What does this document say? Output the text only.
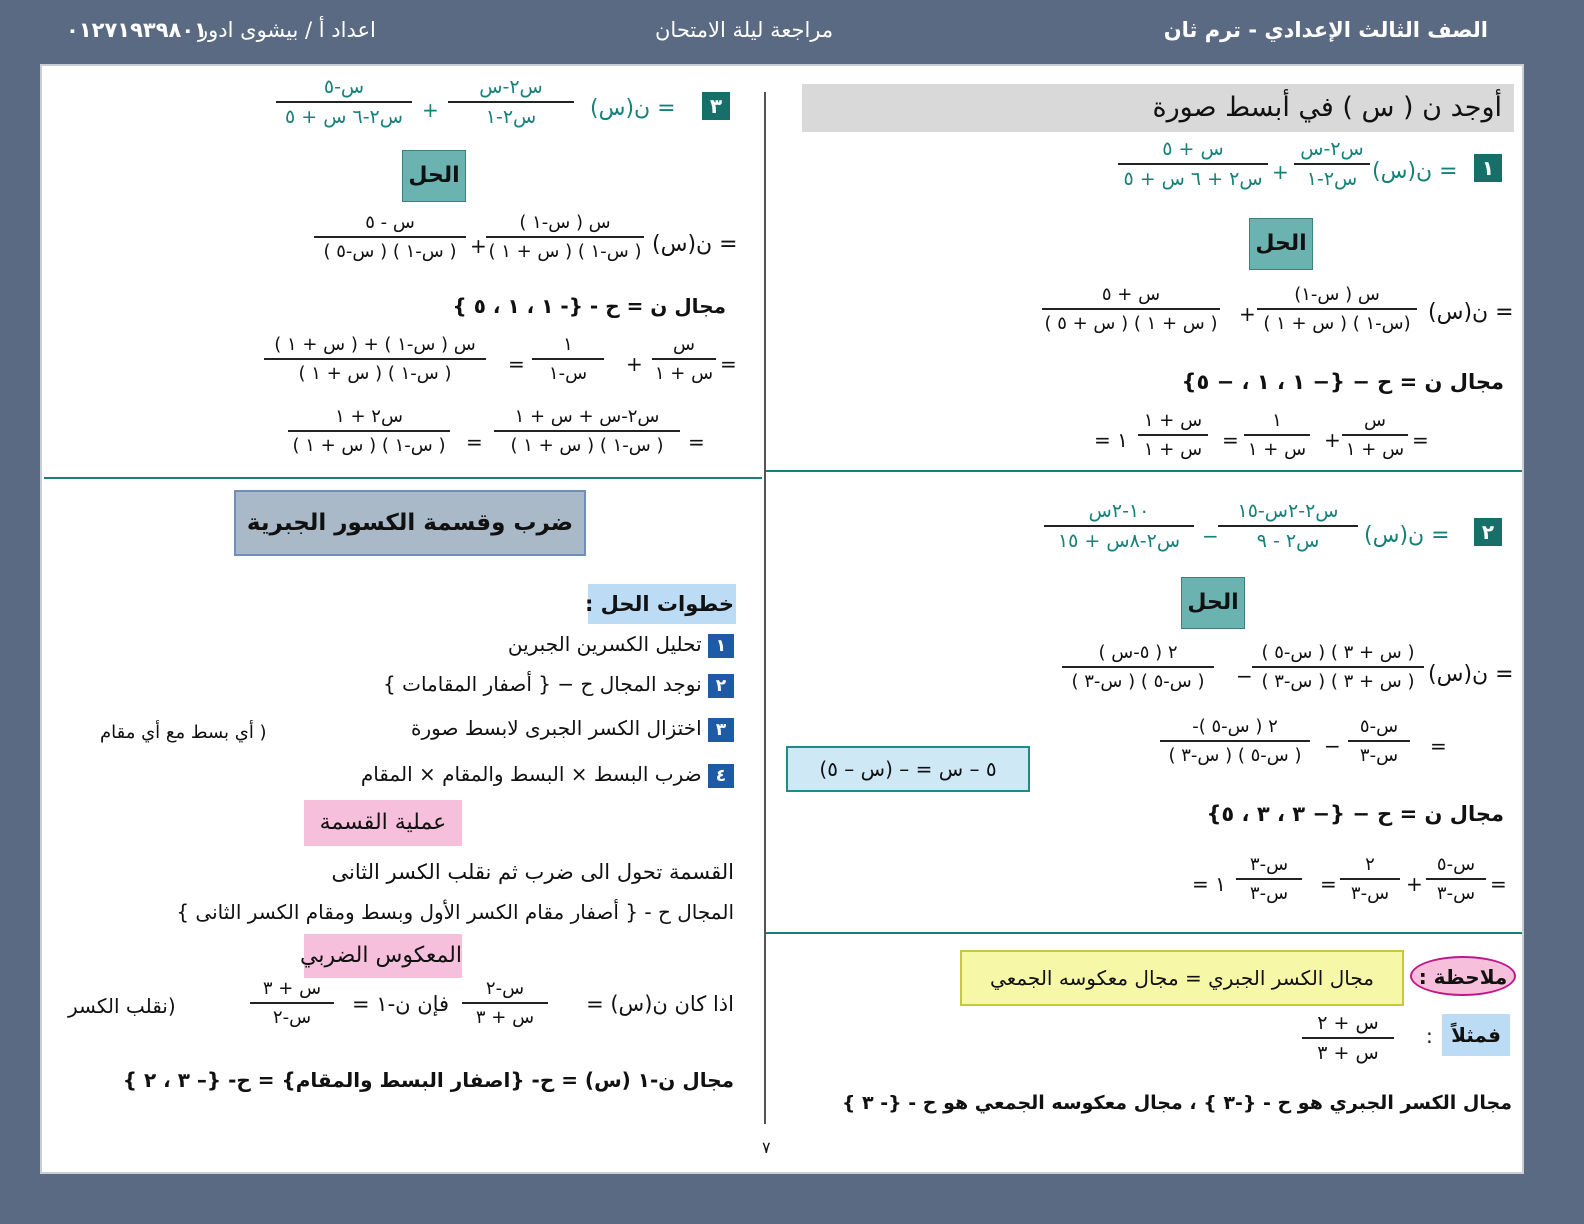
الصف الثالث الإعدادي - ترم ثان
مراجعة ليلة الامتحان
اعداد أ / بيشوى ادور
٠١٢٧١٩٣٩٨٠١
أوجد ن ( س ) في أبسط صورة
١
ن(س) =
س٢-س
س٢-١
+
س + ٥
س٢ + ٦ س + ٥
الحل
ن(س) =
س ( س-١)
( س + ١ ) ( س-١)
+
س + ٥
( س + ٥ ) ( س + ١ )
مجال ن = ح − {− ١ ، ١ ، − ٥}
=
س
س + ١
+
١
س + ١
=
س + ١
س + ١
= ١
٢
ن(س) =
س٢-٢س-١٥
س٢ - ٩
−
١٠-٢س
س٢-٨س + ١٥
الحل
ن(س) =
( س-٥ ) ( س + ٣ )
( س-٣ ) ( س + ٣ )
−
٢ ( ٥-س )
( س-٣ ) ( س-٥ )
=
س-٥
س-٣
−
-٢ ( س-٥ )
( س-٣ ) ( س-٥ )
٥ – س = – (س – ٥)
مجال ن = ح − {− ٣ ، ٣ ، ٥}
=
س-٥
س-٣
+
٢
س-٣
=
س-٣
س-٣
= ١
ملاحظة :
مجال الكسر الجبري = مجال معكوسه الجمعي
فمثلاً
:
س + ٢
س + ٣
مجال الكسر الجبري هو ح - {-٣ } ، مجال معكوسه الجمعي هو ح - {- ٣ }
٣
ن(س) =
س٢-س
س٢-١
+
س-٥
س٢-٦ س + ٥
الحل
ن(س) =
س ( س-١ )
( س + ١ ) ( س-١ )
+
س - ٥
( س-٥ ) ( س-١ )
مجال ن = ح - {- ١ ، ١ ، ٥ }
=
س
س + ١
+
١
س-١
=
س ( س-١ ) + ( س + ١ )
( س + ١ ) ( س-١ )
=
س٢-س + س + ١
( س + ١ ) ( س-١ )
=
س٢ + ١
( س + ١ ) ( س-١ )
ضرب وقسمة الكسور الجبرية
خطوات الحل :
١ تحليل الكسرين الجبرين
٢ نوجد المجال ح − { أصفار المقامات }
٣ اختزال الكسر الجبرى لابسط صورة
( أي بسط مع أي مقام
٤ ضرب البسط × البسط والمقام × المقام
عملية القسمة
القسمة تحول الى ضرب ثم نقلب الكسر الثانى
المجال ح - { أصفار مقام الكسر الأول وبسط ومقام الكسر الثانى }
المعكوس الضربي
اذا كان ن(س) =
س-٢
س + ٣
فإن ن-١ =
س + ٣
س-٢
(نقلب الكسر
مجال ن-١ (س) = ح- {اصفار البسط والمقام} = ح- {– ٣ ، ٢ }
٧
